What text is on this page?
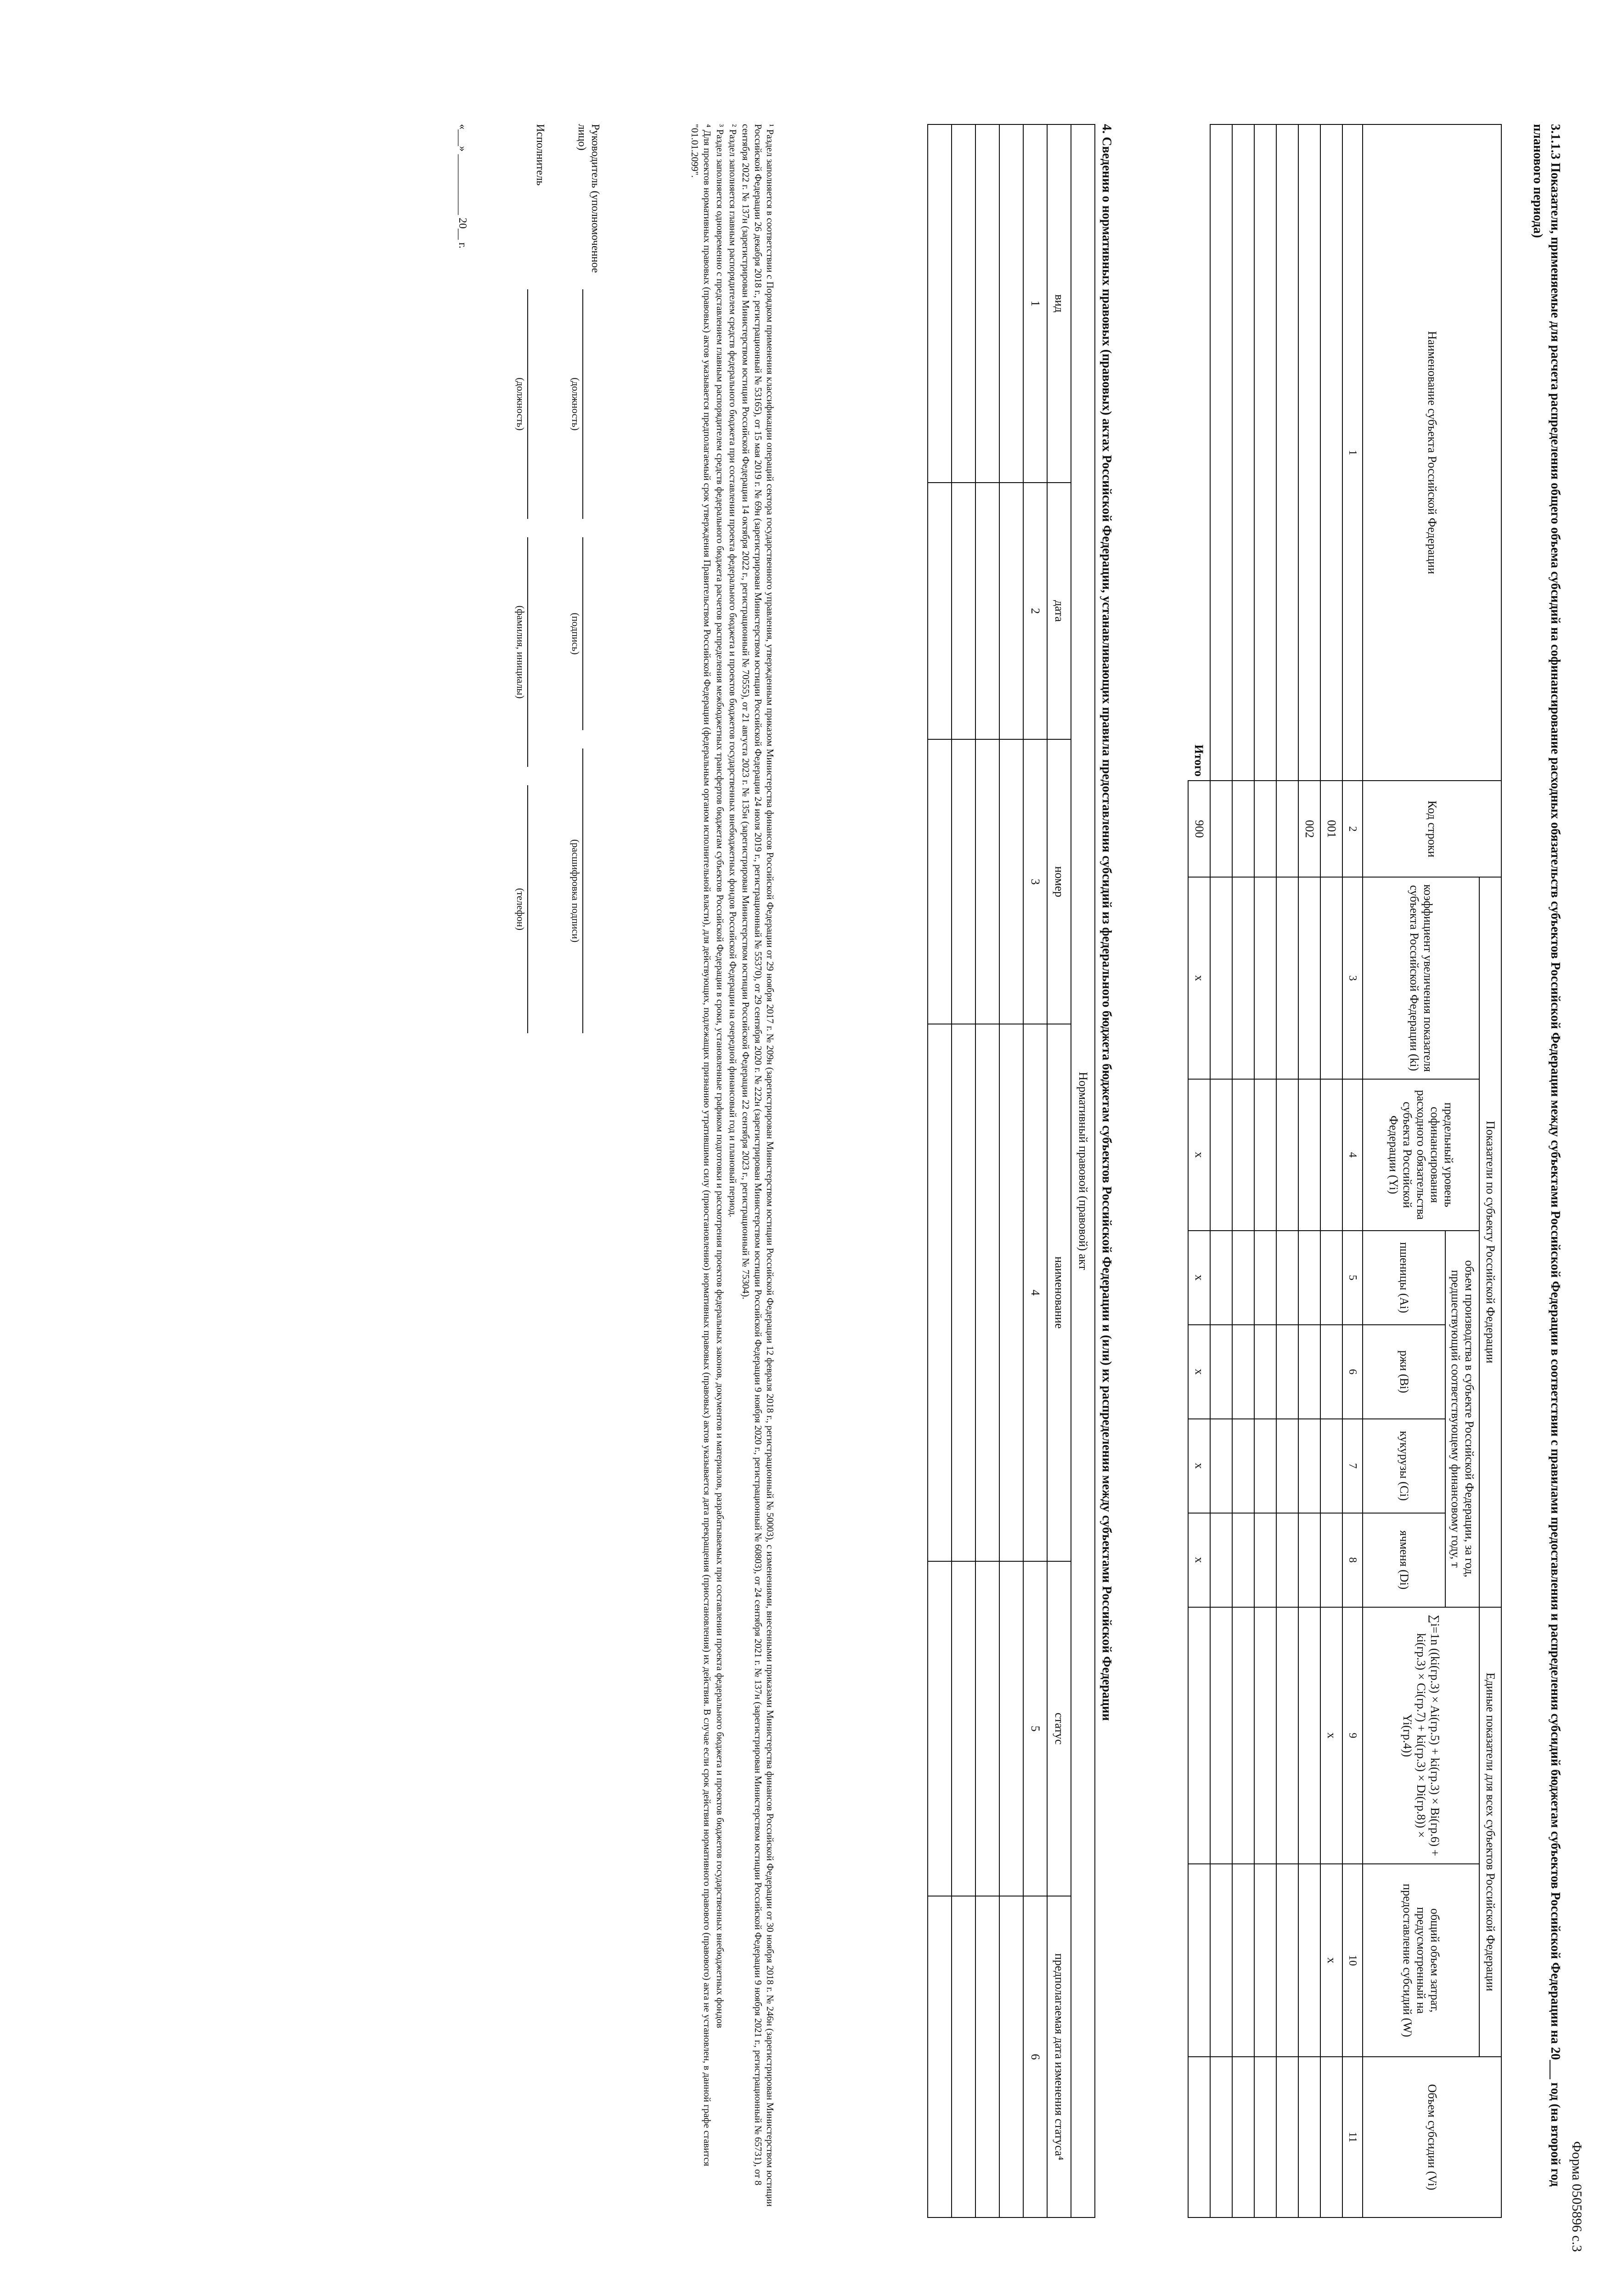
Форма 0505896 с.3
3.1.1.3 Показатели, применяемые для расчета распределения общего объема субсидий на софинансирование расходных обязательств субъектов Российской Федерации между субъектами Российской Федерации в соответствии с правилами предоставления и распределения субсидий бюджетам субъектов Российской Федерации на 20___ год (на второй год планового периода)
Наименование субъекта Российской Федерации	Код строки	Показатели по субъекту Российской Федерации						Единые показатели для всех субъектов Российской Федерации		Объем субсидии (Vi)
		коэффициент увеличения показателя субъекта Российской Федерации (ki)	предельный уровень софинансирования расходного обязательства субъекта Российской Федерации (Yi)	объем производства в субъекте Российской Федерации, за год, предшествующий соответствующему финансовому году, т				∑i=1n ((ki(гр.3) × Ai(гр.5) + ki(гр.3) × Bi(гр.6) + ki(гр.3) × Ci(гр.7) + ki(гр.3) × Di(гр.8)) × Yi(гр.4))	общий объем затрат, предусмотренный на предоставление субсидий (W)	
				пшеницы (Ai)	ржи (Bi)	кукурузы (Ci)	ячменя (Di)			
1	2	3	4	5	6	7	8	9	10	11
	001							x	x	
	002									

Итого	900	x	x	x	x	x	x			
4. Сведения о нормативных правовых (правовых) актах Российской Федерации, устанавливающих правила предоставления субсидий из федерального бюджета бюджетам субъектов Российской Федерации и (или) их распределения между субъектами Российской Федерации
Нормативный правовой (правовой) акт					
вид	дата	номер	наименование	статус	предполагаемая дата изменения статуса⁴
1	2	3	4	5	6

¹ Раздел заполняется в соответствии с Порядком применения классификации операций сектора государственного управления, утвержденным приказом Министерства финансов Российской Федерации от 29 ноября 2017 г. № 209н (зарегистрирован Министерством юстиции Российской Федерации 12 февраля 2018 г., регистрационный № 50003), с изменениями, внесенными приказами Министерства финансов Российской Федерации от 30 ноября 2018 г. № 246н (зарегистрирован Министерством юстиции Российской Федерации 26 декабря 2018 г., регистрационный № 53165), от 15 мая 2019 г. № 69н (зарегистрирован Министерством юстиции Российской Федерации 24 июля 2019 г., регистрационный № 55370), от 29 сентября 2020 г. № 222н (зарегистрирован Министерством юстиции Российской Федерации 9 ноября 2020 г., регистрационный № 60803), от 24 сентября 2021 г. № 137н (зарегистрирован Министерством юстиции Российской Федерации 9 ноября 2021 г., регистрационный № 65731), от 8 сентября 2022 г. № 137н (зарегистрирован Министерством юстиции Российской Федерации 14 октября 2022 г., регистрационный № 70555), от 21 августа 2023 г. № 135н (зарегистрирован Министерством юстиции Российской Федерации 22 сентября 2023 г., регистрационный № 75304).

² Раздел заполняется главным распорядителем средств федерального бюджета при составлении проекта федерального бюджета и проектов бюджетов государственных внебюджетных фондов Российской Федерации на очередной финансовый год и плановый период.

³ Раздел заполняется одновременно с представлением главным распорядителем средств федерального бюджета расчетов распределения межбюджетных трансфертов бюджетам субъектов Российской Федерации в сроки, установленные графиком подготовки и рассмотрения проектов федеральных законов, документов и материалов, разрабатываемых при составлении проекта федерального бюджета и проектов бюджетов государственных внебюджетных фондов

⁴ Для проектов нормативных правовых (правовых) актов указывается предполагаемый срок утверждения Правительством Российской Федерации (федеральным органом исполнительной власти), для действующих, подлежащих признанию утратившими силу (приостановлению) нормативных правовых (правовых) актов указывается дата прекращения (приостановления) их действия. В случае если срок действия нормативного правового (правового) акта не установлен, в данной графе ставится "01.01.2099".

Руководитель (уполномоченное лицо)
(должность)
(подпись)
(расшифровка подписи)
Исполнитель
(должность)
(фамилия, инициалы)
(телефон)
«___» ___________ 20__ г.
